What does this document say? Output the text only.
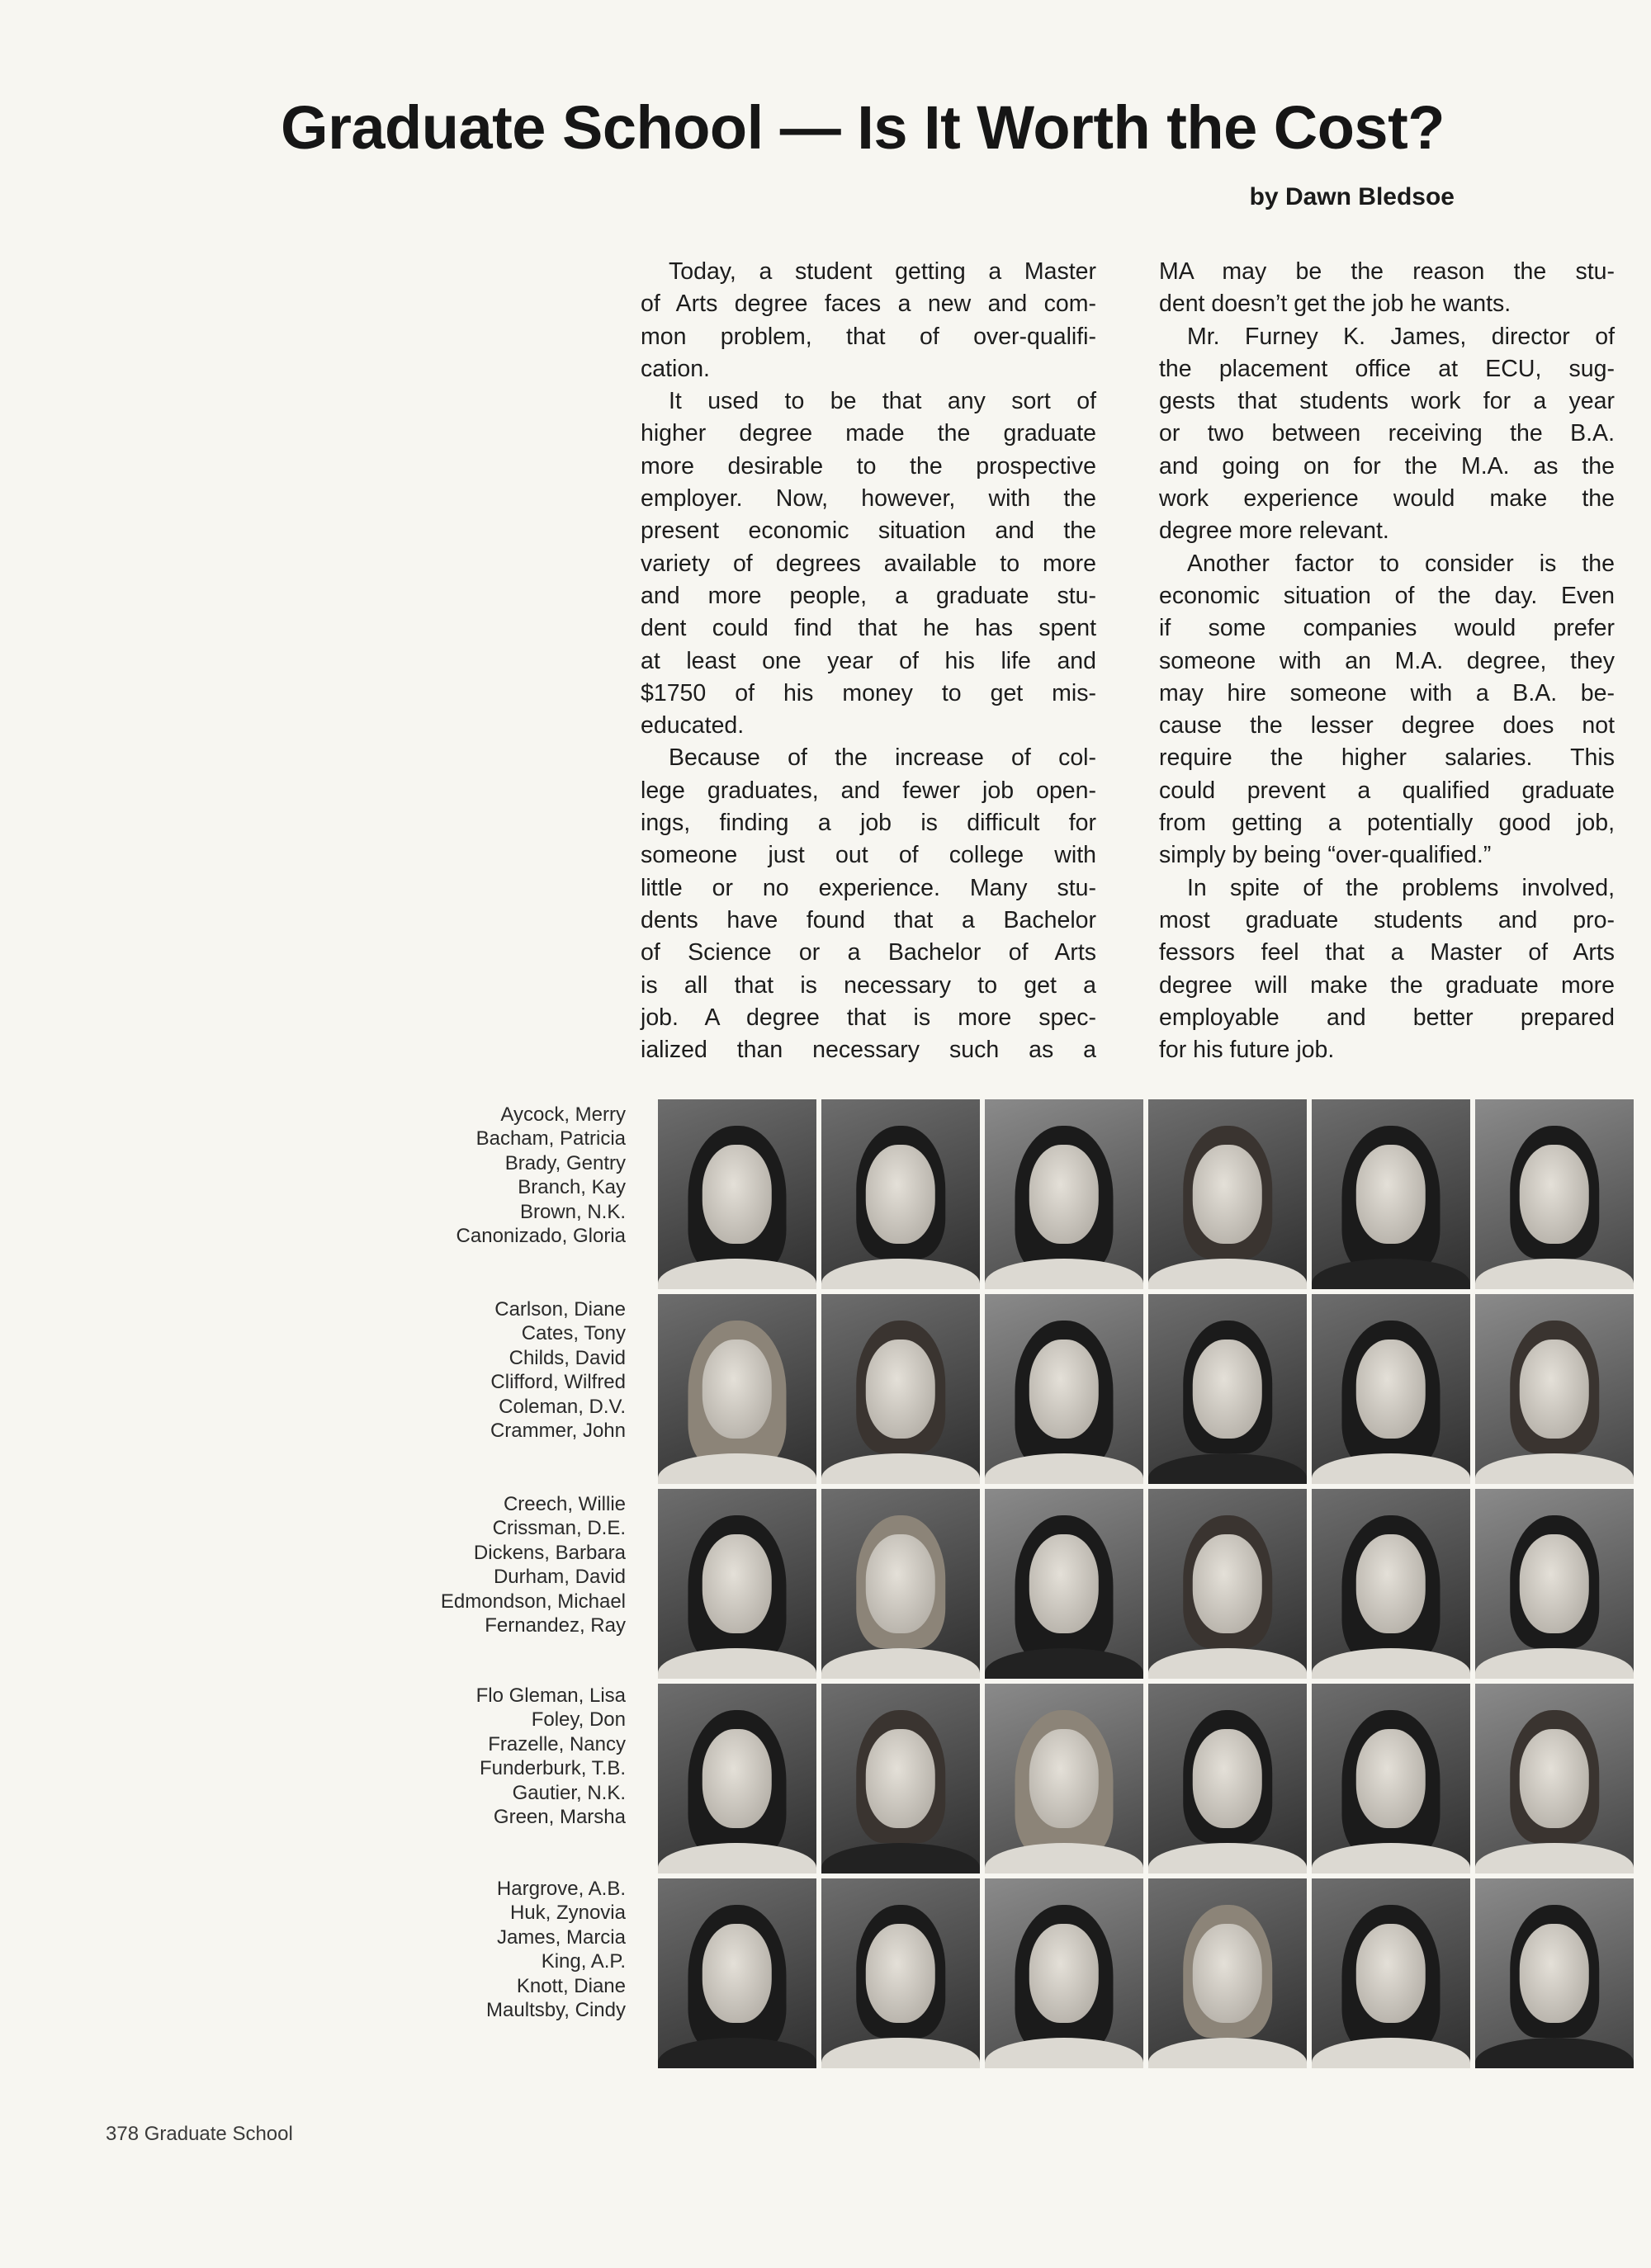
Graduate School — Is It Worth the Cost?
by Dawn Bledsoe
Today, a student getting a Master
of Arts degree faces a new and com-
mon problem, that of over-qualifi-
cation.
It used to be that any sort of
higher degree made the graduate
more desirable to the prospective
employer. Now, however, with the
present economic situation and the
variety of degrees available to more
and more people, a graduate stu-
dent could find that he has spent
at least one year of his life and
$1750 of his money to get mis-
educated.
Because of the increase of col-
lege graduates, and fewer job open-
ings, finding a job is difficult for
someone just out of college with
little or no experience. Many stu-
dents have found that a Bachelor
of Science or a Bachelor of Arts
is all that is necessary to get a
job. A degree that is more spec-
ialized than necessary such as a
MA may be the reason the stu-
dent doesn’t get the job he wants.
Mr. Furney K. James, director of
the placement office at ECU, sug-
gests that students work for a year
or two between receiving the B.A.
and going on for the M.A. as the
work experience would make the
degree more relevant.
Another factor to consider is the
economic situation of the day. Even
if some companies would prefer
someone with an M.A. degree, they
may hire someone with a B.A. be-
cause the lesser degree does not
require the higher salaries. This
could prevent a qualified graduate
from getting a potentially good job,
simply by being “over-qualified.”
In spite of the problems involved,
most graduate students and pro-
fessors feel that a Master of Arts
degree will make the graduate more
employable and better prepared
for his future job.
Aycock, Merry
Bacham, Patricia
Brady, Gentry
Branch, Kay
Brown, N.K.
Canonizado, Gloria
Carlson, Diane
Cates, Tony
Childs, David
Clifford, Wilfred
Coleman, D.V.
Crammer, John
Creech, Willie
Crissman, D.E.
Dickens, Barbara
Durham, David
Edmondson, Michael
Fernandez, Ray
Flo Gleman, Lisa
Foley, Don
Frazelle, Nancy
Funderburk, T.B.
Gautier, N.K.
Green, Marsha
Hargrove, A.B.
Huk, Zynovia
James, Marcia
King, A.P.
Knott, Diane
Maultsby, Cindy
378 Graduate School
